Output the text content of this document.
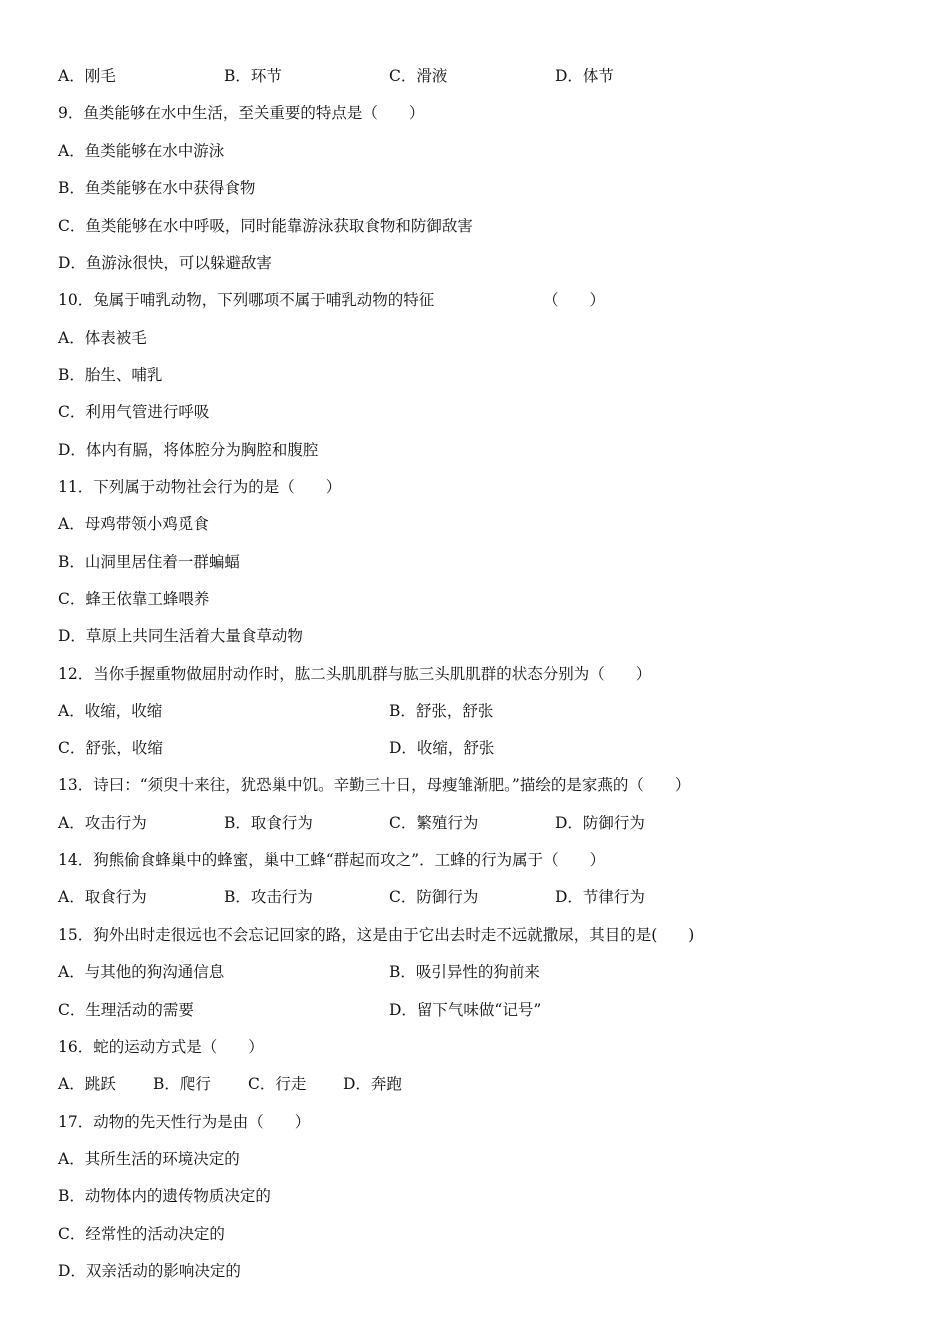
A．刚毛	B．环节	C．滑液	D．体节
9．鱼类能够在水中生活，至关重要的特点是（　　）
A．鱼类能够在水中游泳
B．鱼类能够在水中获得食物
C．鱼类能够在水中呼吸，同时能靠游泳获取食物和防御敌害
D．鱼游泳很快，可以躲避敌害
10．兔属于哺乳动物，下列哪项不属于哺乳动物的特征	（　　）
A．体表被毛
B．胎生、哺乳
C．利用气管进行呼吸
D．体内有膈，将体腔分为胸腔和腹腔
11．下列属于动物社会行为的是（　　）
A．母鸡带领小鸡觅食
B．山洞里居住着一群蝙蝠
C．蜂王依靠工蜂喂养
D．草原上共同生活着大量食草动物
12．当你手握重物做屈肘动作时，肱二头肌肌群与肱三头肌肌群的状态分别为（　　）
A．收缩，收缩	B．舒张，舒张
C．舒张，收缩	D．收缩，舒张
13．诗曰：“须臾十来往，犹恐巢中饥。辛勤三十日，母瘦雏渐肥。”描绘的是家燕的（　　）
A．攻击行为	B．取食行为	C．繁殖行为	D．防御行为
14．狗熊偷食蜂巢中的蜂蜜，巢中工蜂“群起而攻之”．工蜂的行为属于（　　）
A．取食行为	B．攻击行为	C．防御行为	D．节律行为
15．狗外出时走很远也不会忘记回家的路，这是由于它出去时走不远就撒尿，其目的是(　　)
A．与其他的狗沟通信息	B．吸引异性的狗前来
C．生理活动的需要	D．留下气味做“记号”
16．蛇的运动方式是（　　）
A．跳跃 B．爬行 C．行走 D．奔跑
17．动物的先天性行为是由（　　）
A．其所生活的环境决定的
B．动物体内的遗传物质决定的
C．经常性的活动决定的
D．双亲活动的影响决定的
